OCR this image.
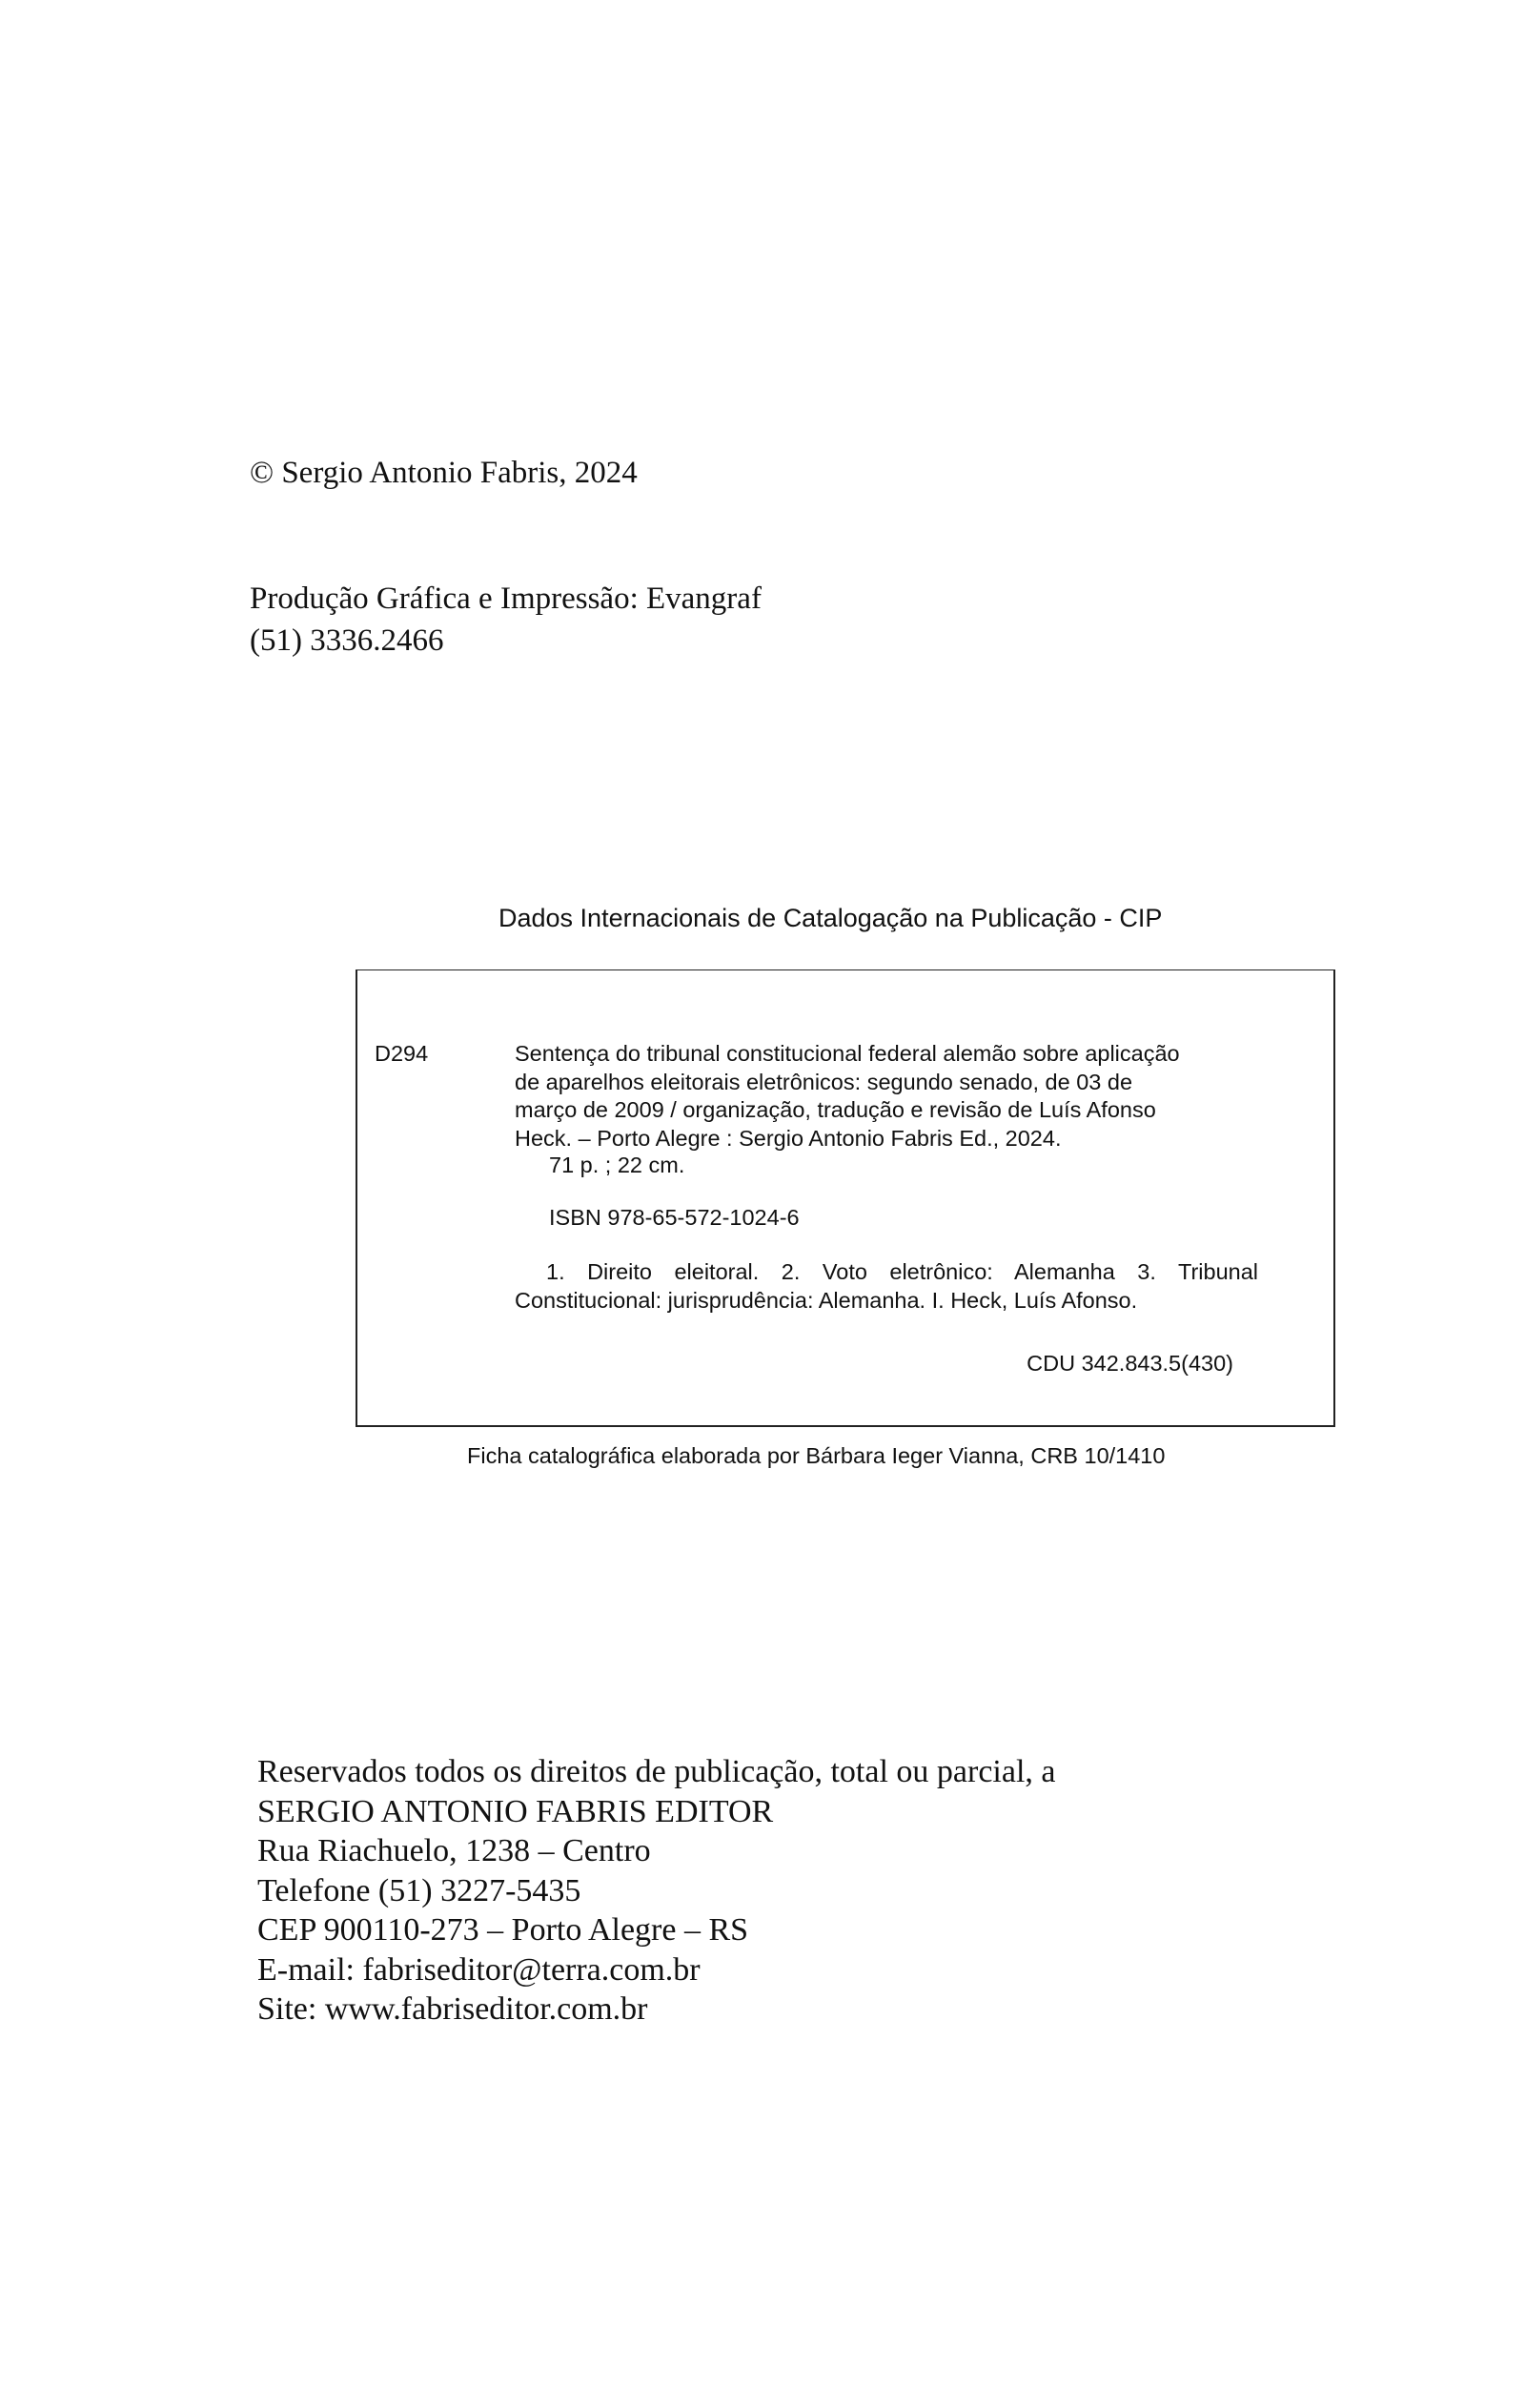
© Sergio Antonio Fabris, 2024
Produção Gráfica e Impressão: Evangraf
(51) 3336.2466
Dados Internacionais de Catalogação na Publicação - CIP
D294	Sentença do tribunal constitucional federal alemão sobre aplicação
de aparelhos eleitorais eletrônicos: segundo senado, de 03 de
março de 2009 / organização, tradução e revisão de Luís Afonso
Heck. – Porto Alegre : Sergio Antonio Fabris Ed., 2024.
71 p. ; 22 cm.
ISBN 978-65-572-1024-6
1. Direito eleitoral. 2. Voto eletrônico: Alemanha 3. Tribunal
Constitucional: jurisprudência: Alemanha. I. Heck, Luís Afonso.
CDU 342.843.5(430)
Ficha catalográfica elaborada por Bárbara Ieger Vianna, CRB 10/1410
Reservados todos os direitos de publicação, total ou parcial, a
SERGIO ANTONIO FABRIS EDITOR
Rua Riachuelo, 1238 – Centro
Telefone (51) 3227-5435
CEP 900110-273 – Porto Alegre – RS
E-mail: fabriseditor@terra.com.br
Site: www.fabriseditor.com.br
